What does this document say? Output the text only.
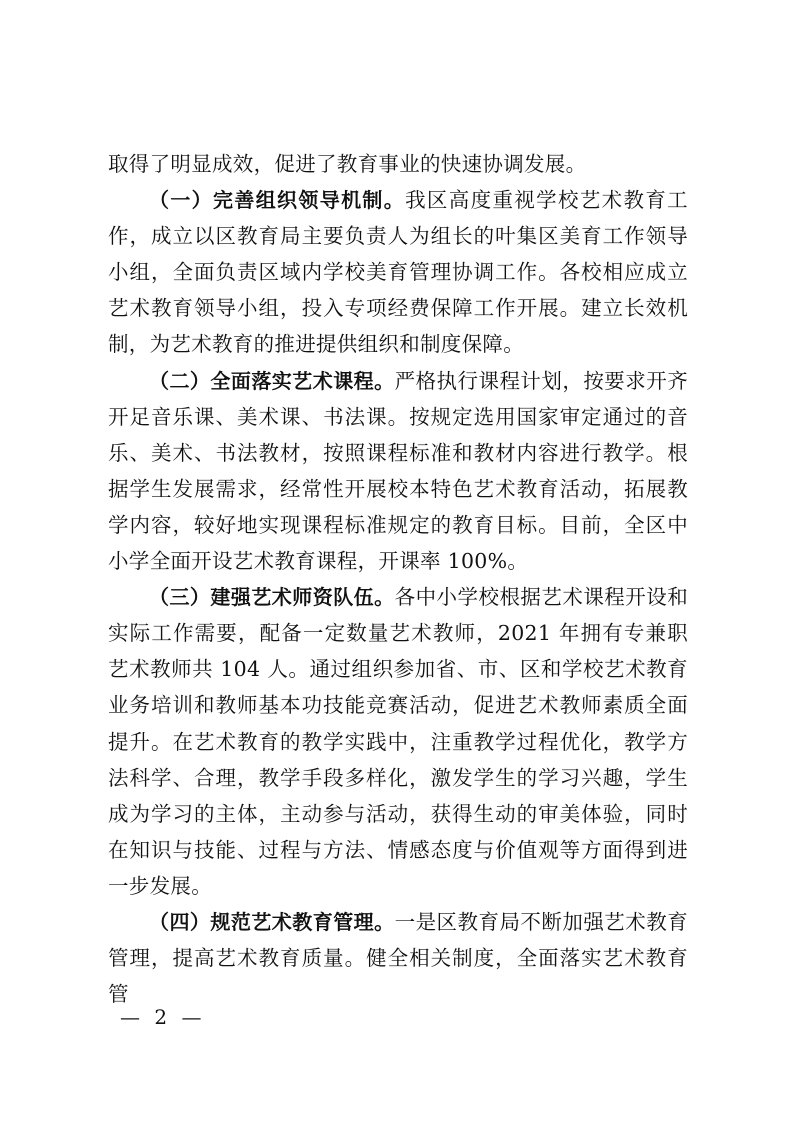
取得了明显成效，促进了教育事业的快速协调发展。

（一）完善组织领导机制。我区高度重视学校艺术教育工作，成立以区教育局主要负责人为组长的叶集区美育工作领导小组，全面负责区域内学校美育管理协调工作。各校相应成立艺术教育领导小组，投入专项经费保障工作开展。建立长效机制，为艺术教育的推进提供组织和制度保障。

（二）全面落实艺术课程。严格执行课程计划，按要求开齐开足音乐课、美术课、书法课。按规定选用国家审定通过的音乐、美术、书法教材，按照课程标准和教材内容进行教学。根据学生发展需求，经常性开展校本特色艺术教育活动，拓展教学内容，较好地实现课程标准规定的教育目标。目前，全区中小学全面开设艺术教育课程，开课率 100%。

（三）建强艺术师资队伍。各中小学校根据艺术课程开设和实际工作需要，配备一定数量艺术教师，2021 年拥有专兼职艺术教师共 104 人。通过组织参加省、市、区和学校艺术教育业务培训和教师基本功技能竞赛活动，促进艺术教师素质全面提升。在艺术教育的教学实践中，注重教学过程优化，教学方法科学、合理，教学手段多样化，激发学生的学习兴趣，学生成为学习的主体，主动参与活动，获得生动的审美体验，同时在知识与技能、过程与方法、情感态度与价值观等方面得到进一步发展。

（四）规范艺术教育管理。一是区教育局不断加强艺术教育管理，提高艺术教育质量。健全相关制度，全面落实艺术教育管

— 2 —
